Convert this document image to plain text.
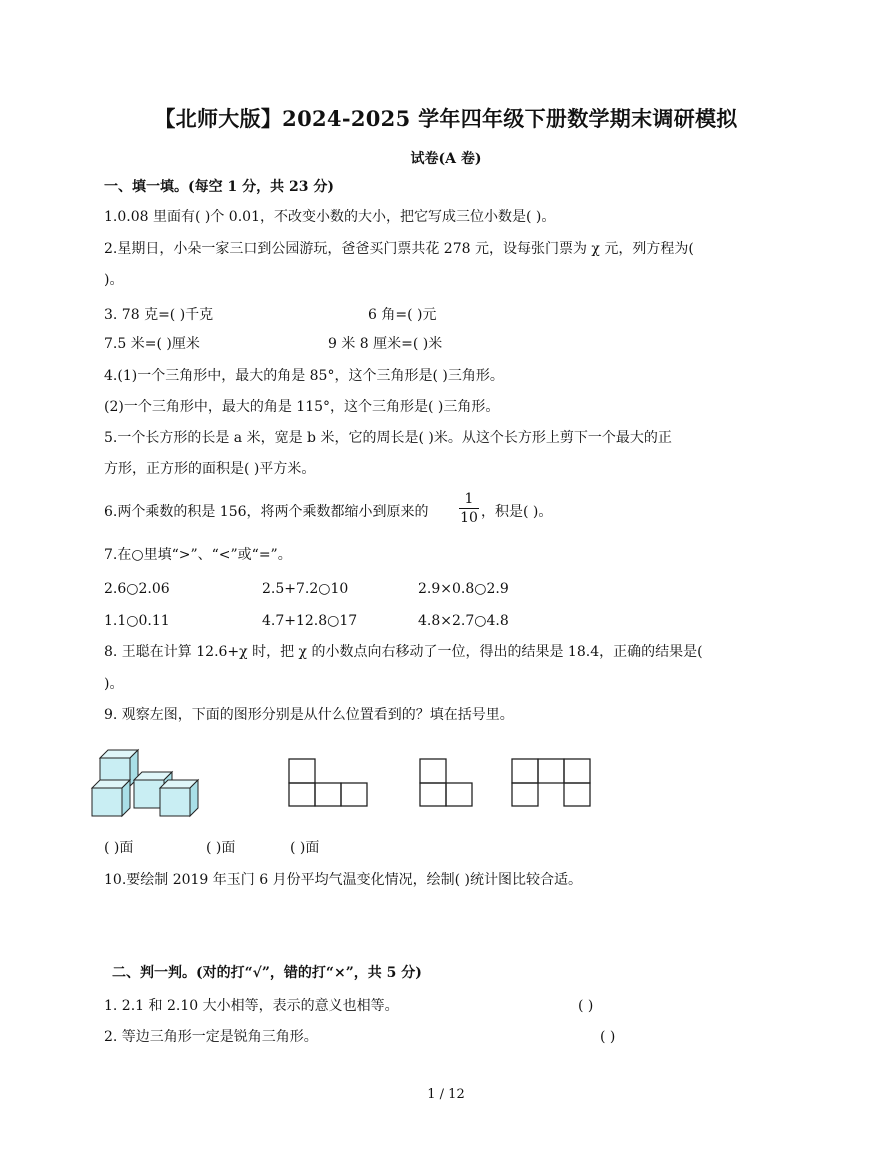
【北师大版】2024-2025 学年四年级下册数学期末调研模拟
试卷(A 卷)
一、填一填。(每空 1 分，共 23 分)
1.0.08 里面有( )个 0.01，不改变小数的大小，把它写成三位小数是( )。
2.星期日，小朵一家三口到公园游玩，爸爸买门票共花 278 元，设每张门票为 χ 元，列方程为(
)。
3. 78 克=( )千克	6 角=( )元
7.5 米=( )厘米	9 米 8 厘米=( )米
4.(1)一个三角形中，最大的角是 85°，这个三角形是( )三角形。
(2)一个三角形中，最大的角是 115°，这个三角形是( )三角形。
5.一个长方形的长是 a 米，宽是 b 米，它的周长是( )米。从这个长方形上剪下一个最大的正
方形，正方形的面积是( )平方米。
6.两个乘数的积是 156，将两个乘数都缩小到原来的
1
10 ，积是( )。
7.在○里填“>”、“<”或“=”。
2.6○2.06	2.5+7.2○10	2.9×0.8○2.9
1.1○0.11	4.7+12.8○17	4.8×2.7○4.8
8. 王聪在计算 12.6+χ 时，把 χ 的小数点向右移动了一位，得出的结果是 18.4，正确的结果是(
)。
9. 观察左图，下面的图形分别是从什么位置看到的？填在括号里。
( )面	( )面	( )面
10.要绘制 2019 年玉门 6 月份平均气温变化情况，绘制( )统计图比较合适。
二、判一判。(对的打“√”，错的打“×”，共 5 分)
1. 2.1 和 2.10 大小相等，表示的意义也相等。	( )
2. 等边三角形一定是锐角三角形。	( )
1 / 12
